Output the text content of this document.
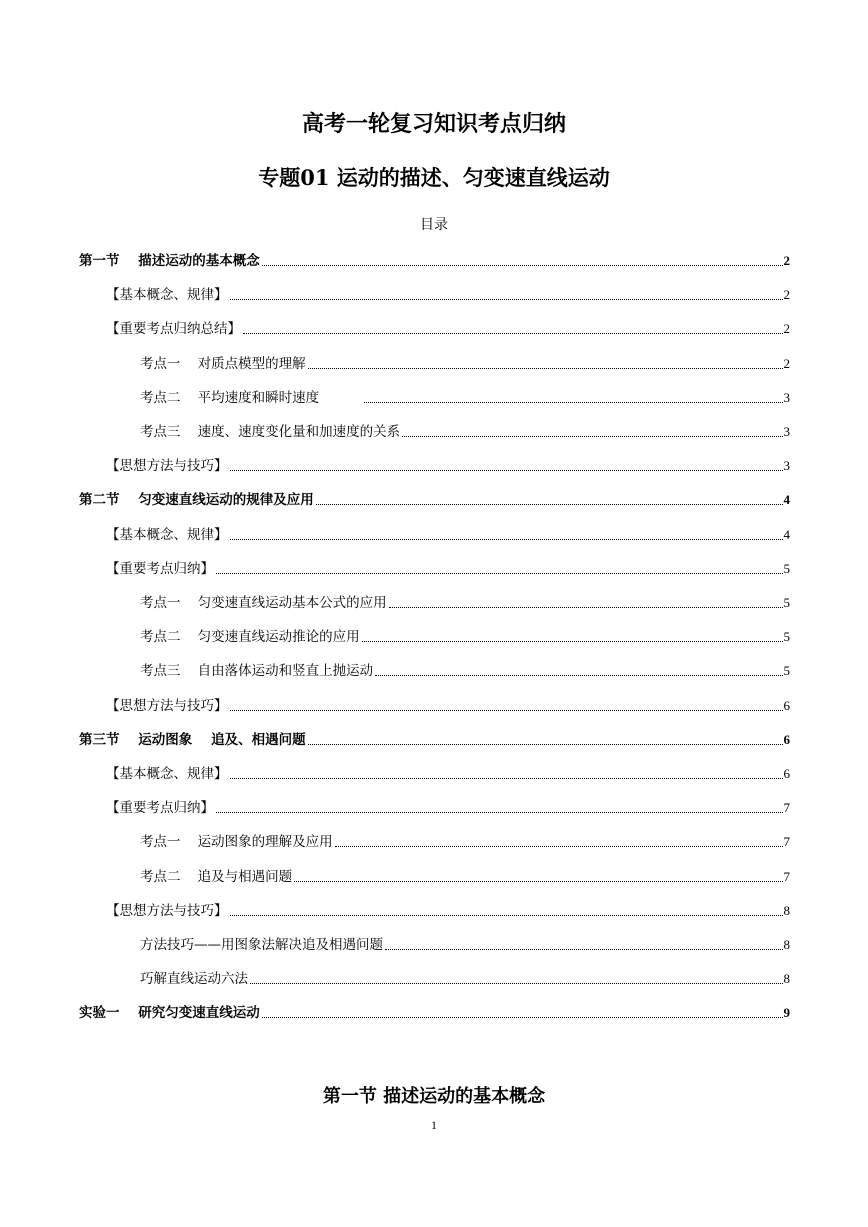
高考一轮复习知识考点归纳
专题01 运动的描述、匀变速直线运动
目录
第一节    描述运动的基本概念	2
【基本概念、规律】	2
【重要考点归纳总结】	2
考点一    对质点模型的理解	2
考点二    平均速度和瞬时速度	3
考点三    速度、速度变化量和加速度的关系	3
【思想方法与技巧】	3
第二节    匀变速直线运动的规律及应用	4
【基本概念、规律】	4
【重要考点归纳】	5
考点一    匀变速直线运动基本公式的应用	5
考点二    匀变速直线运动推论的应用	5
考点三    自由落体运动和竖直上抛运动	5
【思想方法与技巧】	6
第三节    运动图象    追及、相遇问题	6
【基本概念、规律】	6
【重要考点归纳】	7
考点一    运动图象的理解及应用	7
考点二    追及与相遇问题	7
【思想方法与技巧】	8
方法技巧——用图象法解决追及相遇问题	8
巧解直线运动六法	8
实验一    研究匀变速直线运动	9
第一节 描述运动的基本概念
1
